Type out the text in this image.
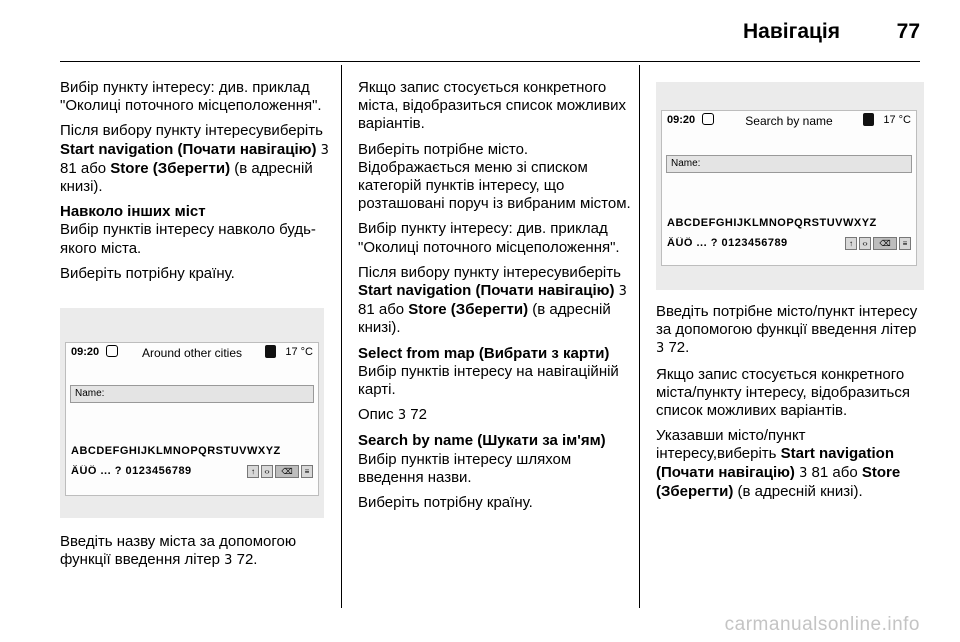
Навігація	77

Вибір пункту інтересу: див. приклад "Околиці поточного місцеположення".

Після вибору пункту інтересувиберіть Start navigation (Почати навігацію) 3 81 або Store (Зберегти) (в адресній книзі).

Навколо інших міст

Вибір пунктів інтересу навколо будь-якого міста.

Виберіть потрібну країну.

09:20	Around other cities	17 °C
Name:
ABCDEFGHIJKLMNOPQRSTUVWXYZ
ÄÜÖ ... ? 0123456789	↑	‹›	⌫	≡

Введіть назву міста за допомогою функції введення літер 3 72.

Якщо запис стосується конкретного міста, відобразиться список можливих варіантів.

Виберіть потрібне місто. Відображається меню зі списком категорій пунктів інтересу, що розташовані поруч із вибраним містом.

Вибір пункту інтересу: див. приклад "Околиці поточного місцеположення".

Після вибору пункту інтересувиберіть Start navigation (Почати навігацію) 3 81 або Store (Зберегти) (в адресній книзі).

Select from map (Вибрати з карти)

Вибір пунктів інтересу на навігаційній карті.

Опис 3 72

Search by name (Шукати за ім'ям)

Вибір пунктів інтересу шляхом введення назви.

Виберіть потрібну країну.

09:20	Search by name	17 °C
Name:
ABCDEFGHIJKLMNOPQRSTUVWXYZ
ÄÜÖ ... ? 0123456789	↑	‹›	⌫	≡

Введіть потрібне місто/пункт інтересу за допомогою функції введення літер 3 72.

Якщо запис стосується конкретного міста/пункту інтересу, відобразиться список можливих варіантів.

Указавши місто/пункт інтересу,виберіть Start navigation (Почати навігацію) 3 81 або Store (Зберегти) (в адресній книзі).

carmanualsonline.info
